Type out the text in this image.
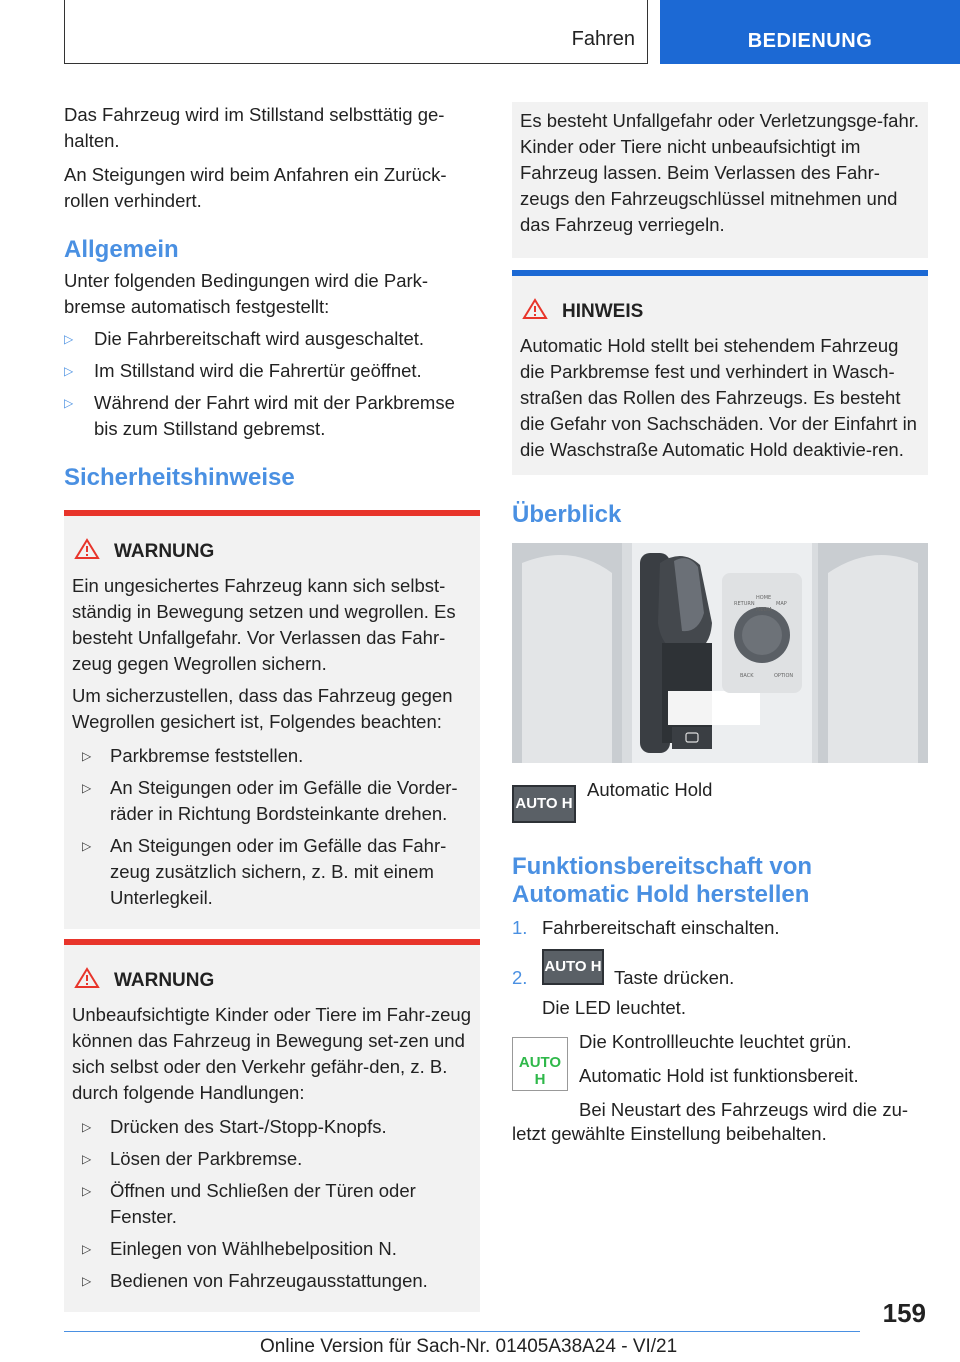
Fahren	BEDIENUNG

Das Fahrzeug wird im Stillstand selbsttätig ge-halten.

An Steigungen wird beim Anfahren ein Zurück-rollen verhindert.

Allgemein

Unter folgenden Bedingungen wird die Park-bremse automatisch festgestellt:

▷ Die Fahrbereitschaft wird ausgeschaltet.
▷ Im Stillstand wird die Fahrertür geöffnet.
▷ Während der Fahrt wird mit der Parkbremse bis zum Stillstand gebremst.
Sicherheitshinweise
WARNUNG

Ein ungesichertes Fahrzeug kann sich selbst-ständig in Bewegung setzen und wegrollen. Es besteht Unfallgefahr. Vor Verlassen das Fahr-zeug gegen Wegrollen sichern.

Um sicherzustellen, dass das Fahrzeug gegen Wegrollen gesichert ist, Folgendes beachten:

▷ Parkbremse feststellen.
▷ An Steigungen oder im Gefälle die Vorder-räder in Richtung Bordsteinkante drehen.
▷ An Steigungen oder im Gefälle das Fahr-zeug zusätzlich sichern, z. B. mit einem Unterlegkeil.
WARNUNG

Unbeaufsichtigte Kinder oder Tiere im Fahr-zeug können das Fahrzeug in Bewegung set-zen und sich selbst oder den Verkehr gefähr-den, z. B. durch folgende Handlungen:

▷ Drücken des Start-/Stopp-Knopfs.
▷ Lösen der Parkbremse.
▷ Öffnen und Schließen der Türen oder Fenster.
▷ Einlegen von Wählhebelposition N.
▷ Bedienen von Fahrzeugausstattungen.

Es besteht Unfallgefahr oder Verletzungsge-fahr. Kinder oder Tiere nicht unbeaufsichtigt im Fahrzeug lassen. Beim Verlassen des Fahr-zeugs den Fahrzeugschlüssel mitnehmen und das Fahrzeug verriegeln.

HINWEIS

Automatic Hold stellt bei stehendem Fahrzeug die Parkbremse fest und verhindert in Wasch-straßen das Rollen des Fahrzeugs. Es besteht die Gefahr von Sachschäden. Vor der Einfahrt in die Waschstraße Automatic Hold deaktivie-ren.

Überblick
RETURN
HOME
MAP
MEDIA
BACK	OPTION
AUTO H

Automatic Hold

Funktionsbereitschaft von Automatic Hold herstellen
1. Fahrbereitschaft einschalten.
2.
AUTO H
Taste drücken.

Die LED leuchtet.

AUTO H

Die Kontrollleuchte leuchtet grün.

Automatic Hold ist funktionsbereit.

Bei Neustart des Fahrzeugs wird die zu-

letzt gewählte Einstellung beibehalten.

159
Online Version für Sach-Nr. 01405A38A24 - VI/21
